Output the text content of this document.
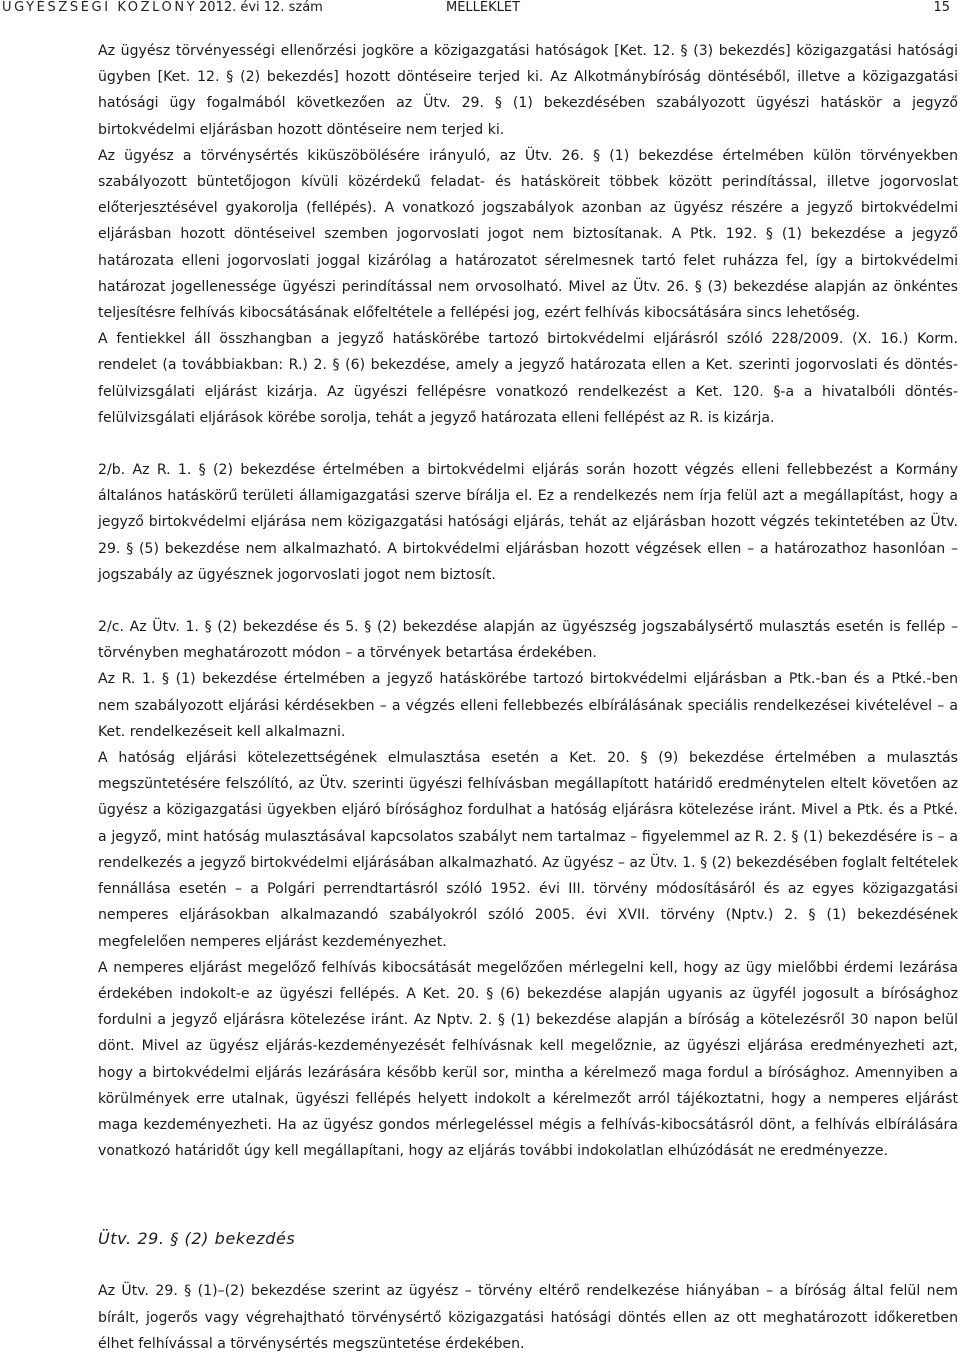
ÜGYÉSZSÉGI KÖZLÖNY 2012. évi 12. szám	MELLÉKLET	15

Az ügyész törvényességi ellenőrzési jogköre a közigazgatási hatóságok [Ket. 12. § (3) bekezdés] közigazgatási hatósági ügyben [Ket. 12. § (2) bekezdés] hozott döntéseire terjed ki. Az Alkotmánybíróság döntéséből, illetve a közigazgatási hatósági ügy fogalmából következően az Ütv. 29. § (1) bekezdésében szabályozott ügyészi hatáskör a jegyző birtokvédelmi eljárásban hozott döntéseire nem terjed ki.

Az ügyész a törvénysértés kiküszöbölésére irányuló, az Ütv. 26. § (1) bekezdése értelmében külön törvényekben szabályozott büntetőjogon kívüli közérdekű feladat- és hatásköreit többek között perindítással, illetve jogorvoslat előterjesztésével gyakorolja (fellépés). A vonatkozó jogszabályok azonban az ügyész részére a jegyző birtokvédelmi eljárásban hozott döntéseivel szemben jogorvoslati jogot nem biztosítanak. A Ptk. 192. § (1) bekezdése a jegyző határozata elleni jogorvoslati joggal kizárólag a határozatot sérelmesnek tartó felet ruházza fel, így a birtokvédelmi határozat jogellenessége ügyészi perindítással nem orvosolható. Mivel az Ütv. 26. § (3) bekezdése alapján az önkéntes teljesítésre felhívás kibocsátásának előfeltétele a fellépési jog, ezért felhívás kibocsátására sincs lehetőség.

A fentiekkel áll összhangban a jegyző hatáskörébe tartozó birtokvédelmi eljárásról szóló 228/2009. (X. 16.) Korm. rendelet (a továbbiakban: R.) 2. § (6) bekezdése, amely a jegyző határozata ellen a Ket. szerinti jogorvoslati és döntés-felülvizsgálati eljárást kizárja. Az ügyészi fellépésre vonatkozó rendelkezést a Ket. 120. §-a a hivatalbóli döntés-felülvizsgálati eljárások körébe sorolja, tehát a jegyző határozata elleni fellépést az R. is kizárja.

2/b. Az R. 1. § (2) bekezdése értelmében a birtokvédelmi eljárás során hozott végzés elleni fellebbezést a Kormány általános hatáskörű területi államigazgatási szerve bírálja el. Ez a rendelkezés nem írja felül azt a megállapítást, hogy a jegyző birtokvédelmi eljárása nem közigazgatási hatósági eljárás, tehát az eljárásban hozott végzés tekintetében az Ütv. 29. § (5) bekezdése nem alkalmazható. A birtokvédelmi eljárásban hozott végzések ellen – a határozathoz hasonlóan – jogszabály az ügyésznek jogorvoslati jogot nem biztosít.

2/c. Az Ütv. 1. § (2) bekezdése és 5. § (2) bekezdése alapján az ügyészség jogszabálysértő mulasztás esetén is fellép – törvényben meghatározott módon – a törvények betartása érdekében.

Az R. 1. § (1) bekezdése értelmében a jegyző hatáskörébe tartozó birtokvédelmi eljárásban a Ptk.-ban és a Ptké.-ben nem szabályozott eljárási kérdésekben – a végzés elleni fellebbezés elbírálásának speciális rendelkezései kivételével – a Ket. rendelkezéseit kell alkalmazni.

A hatóság eljárási kötelezettségének elmulasztása esetén a Ket. 20. § (9) bekezdése értelmében a mulasztás megszüntetésére felszólító, az Ütv. szerinti ügyészi felhívásban megállapított határidő eredménytelen eltelt követően az ügyész a közigazgatási ügyekben eljáró bírósághoz fordulhat a hatóság eljárásra kötelezése iránt. Mivel a Ptk. és a Ptké. a jegyző, mint hatóság mulasztásával kapcsolatos szabályt nem tartalmaz – figyelemmel az R. 2. § (1) bekezdésére is – a rendelkezés a jegyző birtokvédelmi eljárásában alkalmazható. Az ügyész – az Ütv. 1. § (2) bekezdésében foglalt feltételek fennállása esetén – a Polgári perrendtartásról szóló 1952. évi III. törvény módosításáról és az egyes közigazgatási nemperes eljárásokban alkalmazandó szabályokról szóló 2005. évi XVII. törvény (Nptv.) 2. § (1) bekezdésének megfelelően nemperes eljárást kezdeményezhet.

A nemperes eljárást megelőző felhívás kibocsátását megelőzően mérlegelni kell, hogy az ügy mielőbbi érdemi lezárása érdekében indokolt-e az ügyészi fellépés. A Ket. 20. § (6) bekezdése alapján ugyanis az ügyfél jogosult a bírósághoz fordulni a jegyző eljárásra kötelezése iránt. Az Nptv. 2. § (1) bekezdése alapján a bíróság a kötelezésről 30 napon belül dönt. Mivel az ügyész eljárás-kezdeményezését felhívásnak kell megelőznie, az ügyészi eljárása eredményezheti azt, hogy a birtokvédelmi eljárás lezárására később kerül sor, mintha a kérelmező maga fordul a bírósághoz. Amennyiben a körülmények erre utalnak, ügyészi fellépés helyett indokolt a kérelmezőt arról tájékoztatni, hogy a nemperes eljárást maga kezdeményezheti. Ha az ügyész gondos mérlegeléssel mégis a felhívás-kibocsátásról dönt, a felhívás elbírálására vonatkozó határidőt úgy kell megállapítani, hogy az eljárás további indokolatlan elhúzódását ne eredményezze.

Ütv. 29. § (2) bekezdés

Az Ütv. 29. § (1)–(2) bekezdése szerint az ügyész – törvény eltérő rendelkezése hiányában – a bíróság által felül nem bírált, jogerős vagy végrehajtható törvénysértő közigazgatási hatósági döntés ellen az ott meghatározott időkeretben élhet felhívással a törvénysértés megszüntetése érdekében.
